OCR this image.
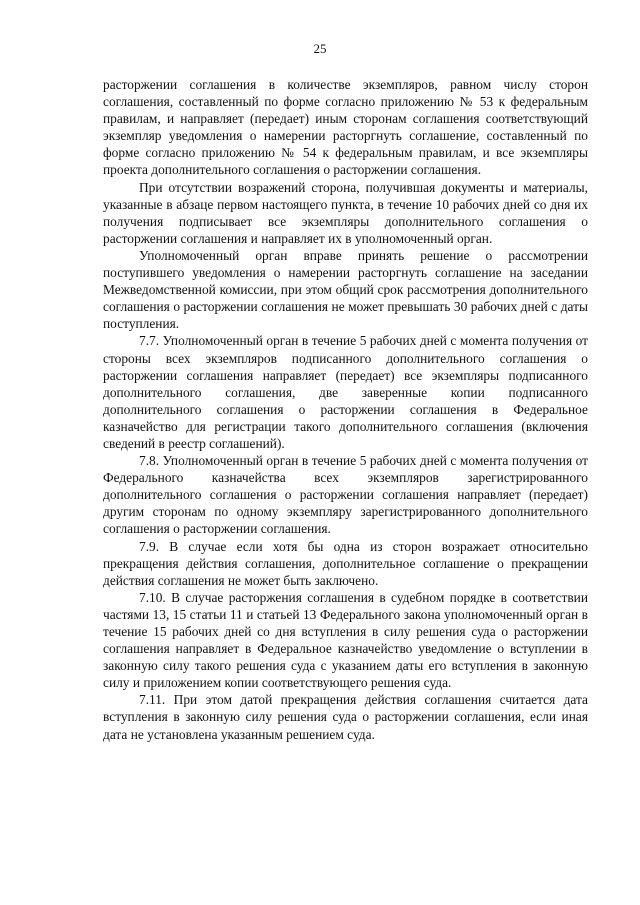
25

расторжении соглашения в количестве экземпляров, равном числу сторон соглашения, составленный по форме согласно приложению № 53 к федеральным правилам, и направляет (передает) иным сторонам соглашения соответствующий экземпляр уведомления о намерении расторгнуть соглашение, составленный по форме согласно приложению № 54 к федеральным правилам, и все экземпляры проекта дополнительного соглашения о расторжении соглашения.

При отсутствии возражений сторона, получившая документы и материалы, указанные в абзаце первом настоящего пункта, в течение 10 рабочих дней со дня их получения подписывает все экземпляры дополнительного соглашения о расторжении соглашения и направляет их в уполномоченный орган.

Уполномоченный орган вправе принять решение о рассмотрении поступившего уведомления о намерении расторгнуть соглашение на заседании Межведомственной комиссии, при этом общий срок рассмотрения дополнительного соглашения о расторжении соглашения не может превышать 30 рабочих дней с даты поступления.

7.7. Уполномоченный орган в течение 5 рабочих дней с момента получения от стороны всех экземпляров подписанного дополнительного соглашения о расторжении соглашения направляет (передает) все экземпляры подписанного дополнительного соглашения, две заверенные копии подписанного дополнительного соглашения о расторжении соглашения в Федеральное казначейство для регистрации такого дополнительного соглашения (включения сведений в реестр соглашений).

7.8. Уполномоченный орган в течение 5 рабочих дней с момента получения от Федерального казначейства всех экземпляров зарегистрированного дополнительного соглашения о расторжении соглашения направляет (передает) другим сторонам по одному экземпляру зарегистрированного дополнительного соглашения о расторжении соглашения.

7.9. В случае если хотя бы одна из сторон возражает относительно прекращения действия соглашения, дополнительное соглашение о прекращении действия соглашения не может быть заключено.

7.10. В случае расторжения соглашения в судебном порядке в соответствии частями 13, 15 статьи 11 и статьей 13 Федерального закона уполномоченный орган в течение 15 рабочих дней со дня вступления в силу решения суда о расторжении соглашения направляет в Федеральное казначейство уведомление о вступлении в законную силу такого решения суда с указанием даты его вступления в законную силу и приложением копии соответствующего решения суда.

7.11. При этом датой прекращения действия соглашения считается дата вступления в законную силу решения суда о расторжении соглашения, если иная дата не установлена указанным решением суда.
